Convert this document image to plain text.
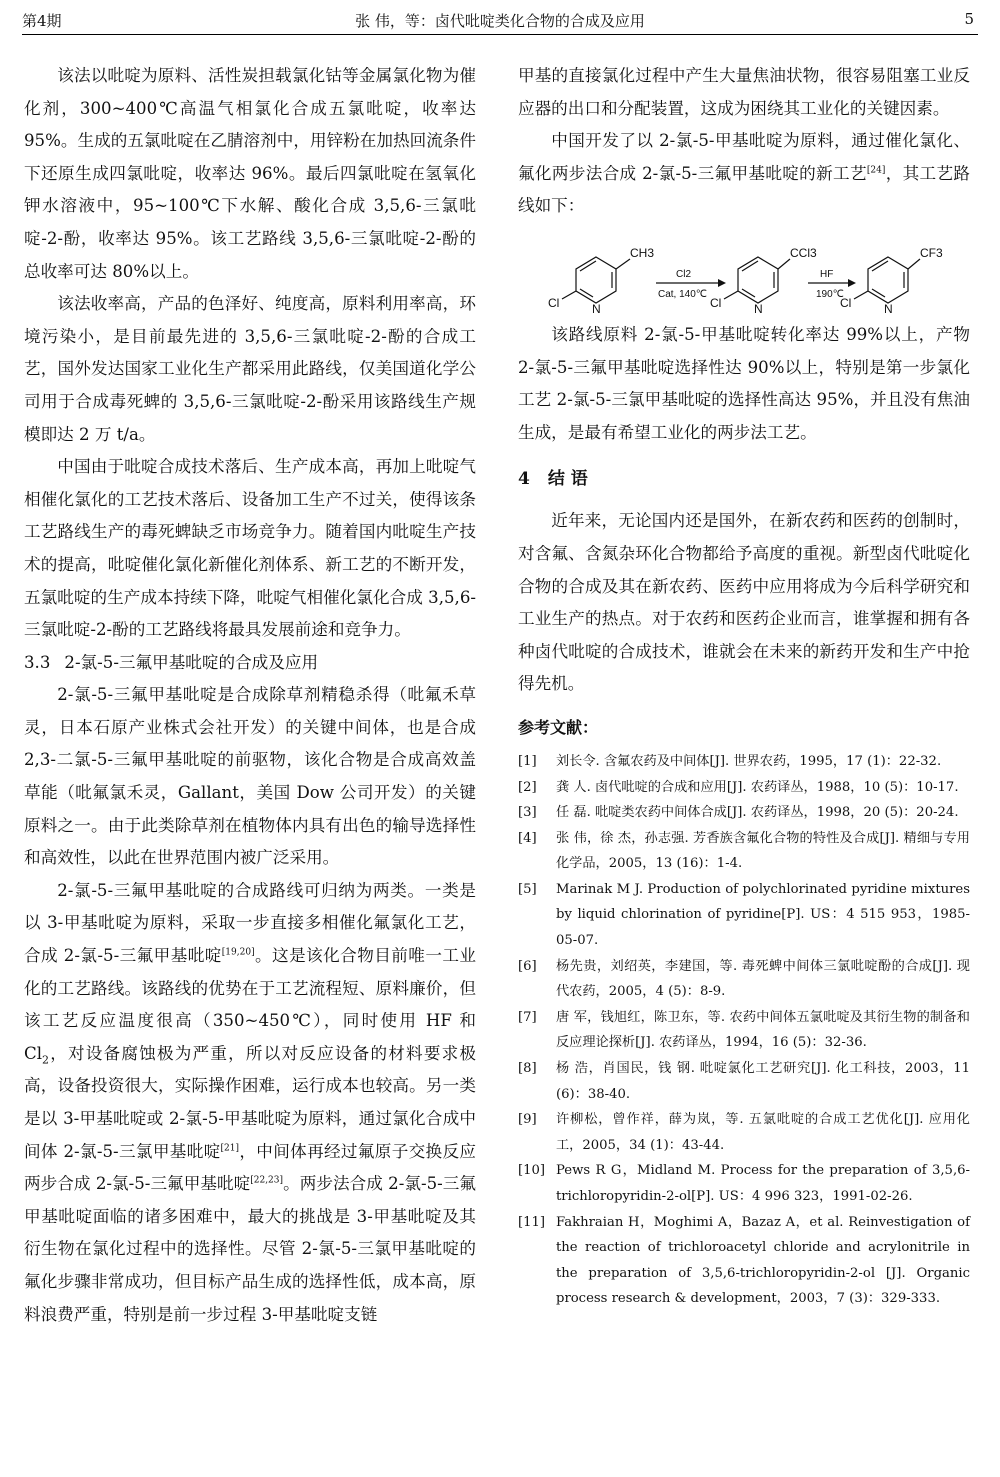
第4期	张 伟，等：卤代吡啶类化合物的合成及应用	5

该法以吡啶为原料、活性炭担载氯化钴等金属氯化物为催化剂，300~400℃高温气相氯化合成五氯吡啶，收率达 95%。生成的五氯吡啶在乙腈溶剂中，用锌粉在加热回流条件下还原生成四氯吡啶，收率达 96%。最后四氯吡啶在氢氧化钾水溶液中，95~100℃下水解、酸化合成 3,5,6-三氯吡啶-2-酚，收率达 95%。该工艺路线 3,5,6-三氯吡啶-2-酚的总收率可达 80%以上。

该法收率高，产品的色泽好、纯度高，原料利用率高，环境污染小，是目前最先进的 3,5,6-三氯吡啶-2-酚的合成工艺，国外发达国家工业化生产都采用此路线，仅美国道化学公司用于合成毒死蜱的 3,5,6-三氯吡啶-2-酚采用该路线生产规模即达 2 万 t/a。

中国由于吡啶合成技术落后、生产成本高，再加上吡啶气相催化氯化的工艺技术落后、设备加工生产不过关，使得该条工艺路线生产的毒死蜱缺乏市场竞争力。随着国内吡啶生产技术的提高，吡啶催化氯化新催化剂体系、新工艺的不断开发，五氯吡啶的生产成本持续下降，吡啶气相催化氯化合成 3,5,6-三氯吡啶-2-酚的工艺路线将最具发展前途和竞争力。

3.3 2-氯-5-三氟甲基吡啶的合成及应用

2-氯-5-三氟甲基吡啶是合成除草剂精稳杀得（吡氟禾草灵，日本石原产业株式会社开发）的关键中间体，也是合成 2,3-二氯-5-三氟甲基吡啶的前驱物，该化合物是合成高效盖草能（吡氟氯禾灵，Gallant，美国 Dow 公司开发）的关键原料之一。由于此类除草剂在植物体内具有出色的输导选择性和高效性，以此在世界范围内被广泛采用。

2-氯-5-三氟甲基吡啶的合成路线可归纳为两类。一类是以 3-甲基吡啶为原料，采取一步直接多相催化氟氯化工艺，合成 2-氯-5-三氟甲基吡啶[19,20]。这是该化合物目前唯一工业化的工艺路线。该路线的优势在于工艺流程短、原料廉价，但该工艺反应温度很高（350~450℃），同时使用 HF 和 $Cl_2$，对设备腐蚀极为严重，所以对反应设备的材料要求极高，设备投资很大，实际操作困难，运行成本也较高。另一类是以 3-甲基吡啶或 2-氯-5-甲基吡啶为原料，通过氯化合成中间体 2-氯-5-三氯甲基吡啶[21]，中间体再经过氟原子交换反应两步合成 2-氯-5-三氟甲基吡啶[22,23]。两步法合成 2-氯-5-三氟甲基吡啶面临的诸多困难中，最大的挑战是 3-甲基吡啶及其衍生物在氯化过程中的选择性。尽管 2-氯-5-三氯甲基吡啶的氟化步骤非常成功，但目标产品生成的选择性低，成本高，原料浪费严重，特别是前一步过程 3-甲基吡啶支链

甲基的直接氯化过程中产生大量焦油状物，很容易阻塞工业反应器的出口和分配装置，这成为困绕其工业化的关键因素。

中国开发了以 2-氯-5-甲基吡啶为原料，通过催化氯化、氟化两步法合成 2-氯-5-三氟甲基吡啶的新工艺[24]，其工艺路线如下：

CH3
Cl	N
Cl2
Cat, 140℃
CCl3
Cl	N
HF
190℃
CF3
Cl	N

该路线原料 2-氯-5-甲基吡啶转化率达 99%以上，产物 2-氯-5-三氟甲基吡啶选择性达 90%以上，特别是第一步氯化工艺 2-氯-5-三氯甲基吡啶的选择性高达 95%，并且没有焦油生成，是最有希望工业化的两步法工艺。

4 结 语

近年来，无论国内还是国外，在新农药和医药的创制时，对含氟、含氮杂环化合物都给予高度的重视。新型卤代吡啶化合物的合成及其在新农药、医药中应用将成为今后科学研究和工业生产的热点。对于农药和医药企业而言，谁掌握和拥有各种卤代吡啶的合成技术，谁就会在未来的新药开发和生产中抢得先机。

参考文献：
[1]	刘长令. 含氟农药及中间体[J]. 世界农药，1995，17 (1)：22-32.
[2]	龚 人. 卤代吡啶的合成和应用[J]. 农药译丛，1988，10 (5)：10-17.
[3]	任 磊. 吡啶类农药中间体合成[J]. 农药译丛，1998，20 (5)：20-24.
[4]	张 伟，徐 杰，孙志强. 芳香族含氟化合物的特性及合成[J]. 精细与专用化学品，2005，13 (16)：1-4.
[5]	Marinak M J. Production of polychlorinated pyridine mixtures by liquid chlorination of pyridine[P]. US：4 515 953，1985-05-07.
[6]	杨先贵，刘绍英，李建国，等. 毒死蜱中间体三氯吡啶酚的合成[J]. 现代农药，2005，4 (5)：8-9.
[7]	唐 军，钱旭红，陈卫东，等. 农药中间体五氯吡啶及其衍生物的制备和反应理论探析[J]. 农药译丛，1994，16 (5)：32-36.
[8]	杨 浩，肖国民，钱 钢. 吡啶氯化工艺研究[J]. 化工科技，2003，11 (6)：38-40.
[9]	许柳松，曾作祥，薛为岚，等. 五氯吡啶的合成工艺优化[J]. 应用化工，2005，34 (1)：43-44.
[10] Pews R G，Midland M. Process for the preparation of 3,5,6-trichloropyridin-2-ol[P]. US：4 996 323，1991-02-26.
[11] Fakhraian H，Moghimi A，Bazaz A，et al. Reinvestigation of the reaction of trichloroacetyl chloride and acrylonitrile in the preparation of 3,5,6-trichloropyridin-2-ol [J]. Organic process research & development，2003，7 (3)：329-333.
